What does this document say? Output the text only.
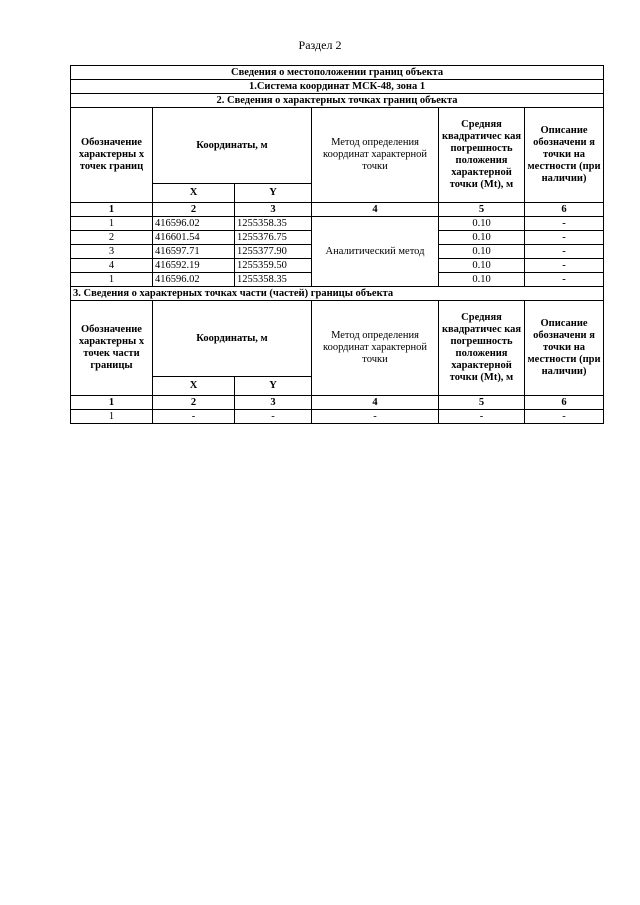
Раздел 2
Сведения о местоположении границ объекта					
1.Система координат МСК-48, зона 1					
2. Сведения о характерных точках границ объекта					
Обозначение характерны х точек границ	Координаты, м		Метод определения координат характерной точки	Средняя квадратичес кая погрешность положения характерной точки (Mt), м	Описание обозначени я точки на местности (при наличии)
	X	Y			
1	2	3	4	5	6
1	416596.02	1255358.35	Аналитический метод	0.10	-
2	416601.54	1255376.75		0.10	-
3	416597.71	1255377.90		0.10	-
4	416592.19	1255359.50		0.10	-
1	416596.02	1255358.35		0.10	-
3. Сведения о характерных точках части (частей) границы объекта					
Обозначение характерны х точек части границы	Координаты, м		Метод определения координат характерной точки	Средняя квадратичес кая погрешность положения характерной точки (Mt), м	Описание обозначени я точки на местности (при наличии)
	X	Y			
1	2	3	4	5	6
1	-	-	-	-	-
